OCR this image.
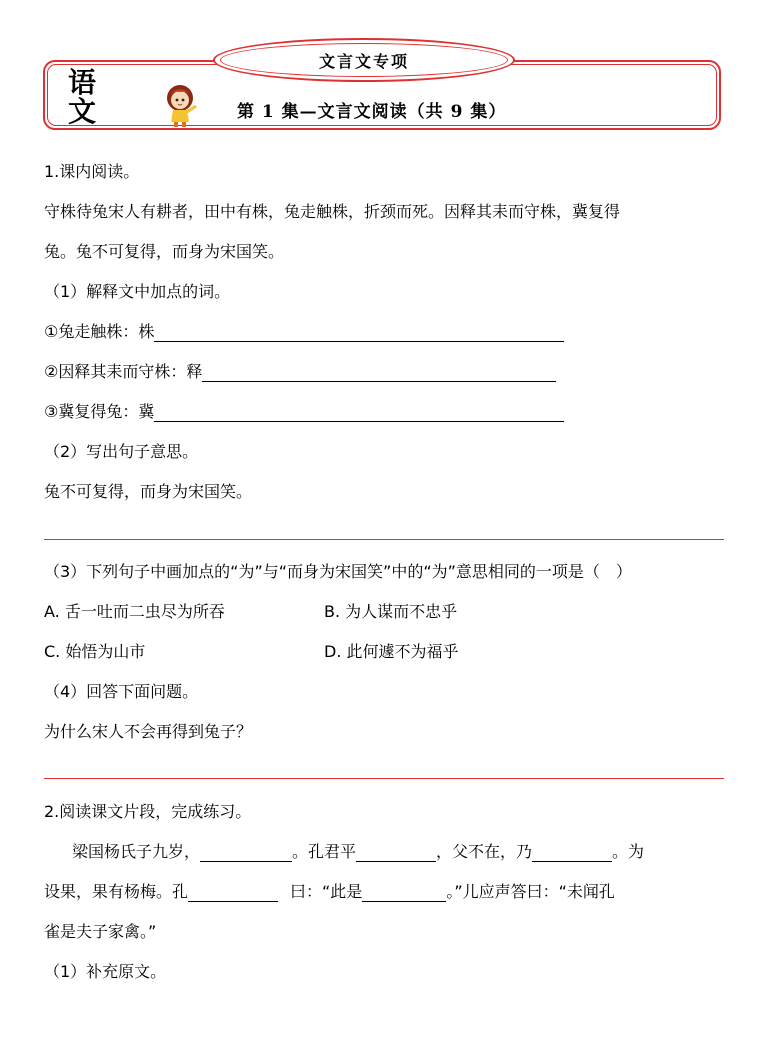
文言文专项
语
文	第 1 集—文言文阅读（共 9 集）
1.课内阅读。
守株待兔宋人有耕者，田中有株，兔走触株，折颈而死。因释其耒而守株，冀复得
兔。兔不可复得，而身为宋国笑。
（1）解释文中加点的词。
①兔走触株：株
②因释其耒而守株：释
③冀复得兔：冀
（2）写出句子意思。
兔不可复得，而身为宋国笑。
（3）下列句子中画加点的“为”与“而身为宋国笑”中的“为”意思相同的一项是（　）
A. 舌一吐而二虫尽为所吞	B. 为人谋而不忠乎
C. 始悟为山市	D. 此何遽不为福乎
（4）回答下面问题。
为什么宋人不会再得到兔子？
2.阅读课文片段，完成练习。
梁国杨氏子九岁，	。孔君平	，父不在，乃	。为
设果，果有杨梅。孔	曰：“此是	。”儿应声答曰：“未闻孔
雀是夫子家禽。”
（1）补充原文。
